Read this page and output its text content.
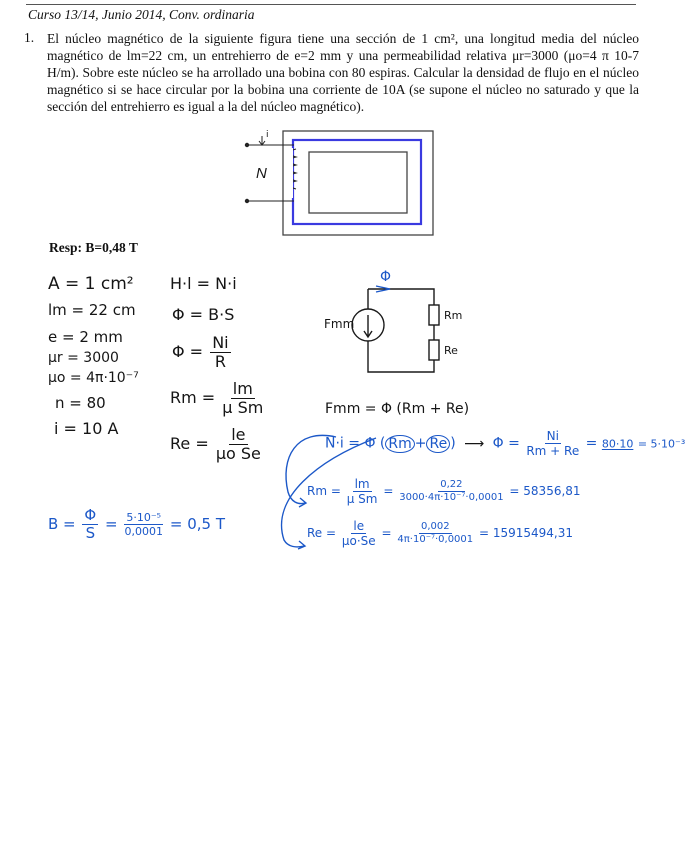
Curso 13/14, Junio 2014, Conv. ordinaria
1. El núcleo magnético de la siguiente figura tiene una sección de 1 cm², una longitud media del núcleo magnético de lm=22 cm, un entrehierro de e=2 mm y una permeabilidad relativa μr=3000 (μo=4 π 10-7 H/m). Sobre este núcleo se ha arrollado una bobina con 80 espiras. Calcular la densidad de flujo en el núcleo magnético si se hace circular por la bobina una corriente de 10A (se supone el núcleo no saturado y que la sección del entrehierro es igual a la del núcleo magnético).
N
i
Resp: B=0,48 T
A = 1 cm²
lm = 22 cm
e = 2 mm
μr = 3000
μo = 4π·10⁻⁷
n = 80
i = 10 A
H·l = N·i
Φ = B·S
$\Phi = \frac{Ni}{R}$
$Rm = \frac{lm}{\text{μ Sm}}$
$Re = \frac{le}{\text{μo Se}}$
Φ
Fmm
Rm
Re
Fmm = Φ (Rm + Re)
N·i = Φ ( Rm + Re ) ⟶ $\Phi = \frac{Ni}{Rm + Re} = 80\cdot 10 = 5\cdot 10^{-3}$
$Rm = \frac{lm}{\text{μ Sm}} = \frac{0,22}{\text{3000·4π·10⁻⁷·0,0001}} = 58356,81$
$Re = \frac{le}{\mu o\cdot Se} = \frac{0,002}{\text{4π·10⁻⁷·0,0001}} = 15915494,31$
$B = \frac{\Phi}{S} = \frac{\text{5·10⁻⁵}}{0,0001} = 0,5$ T
